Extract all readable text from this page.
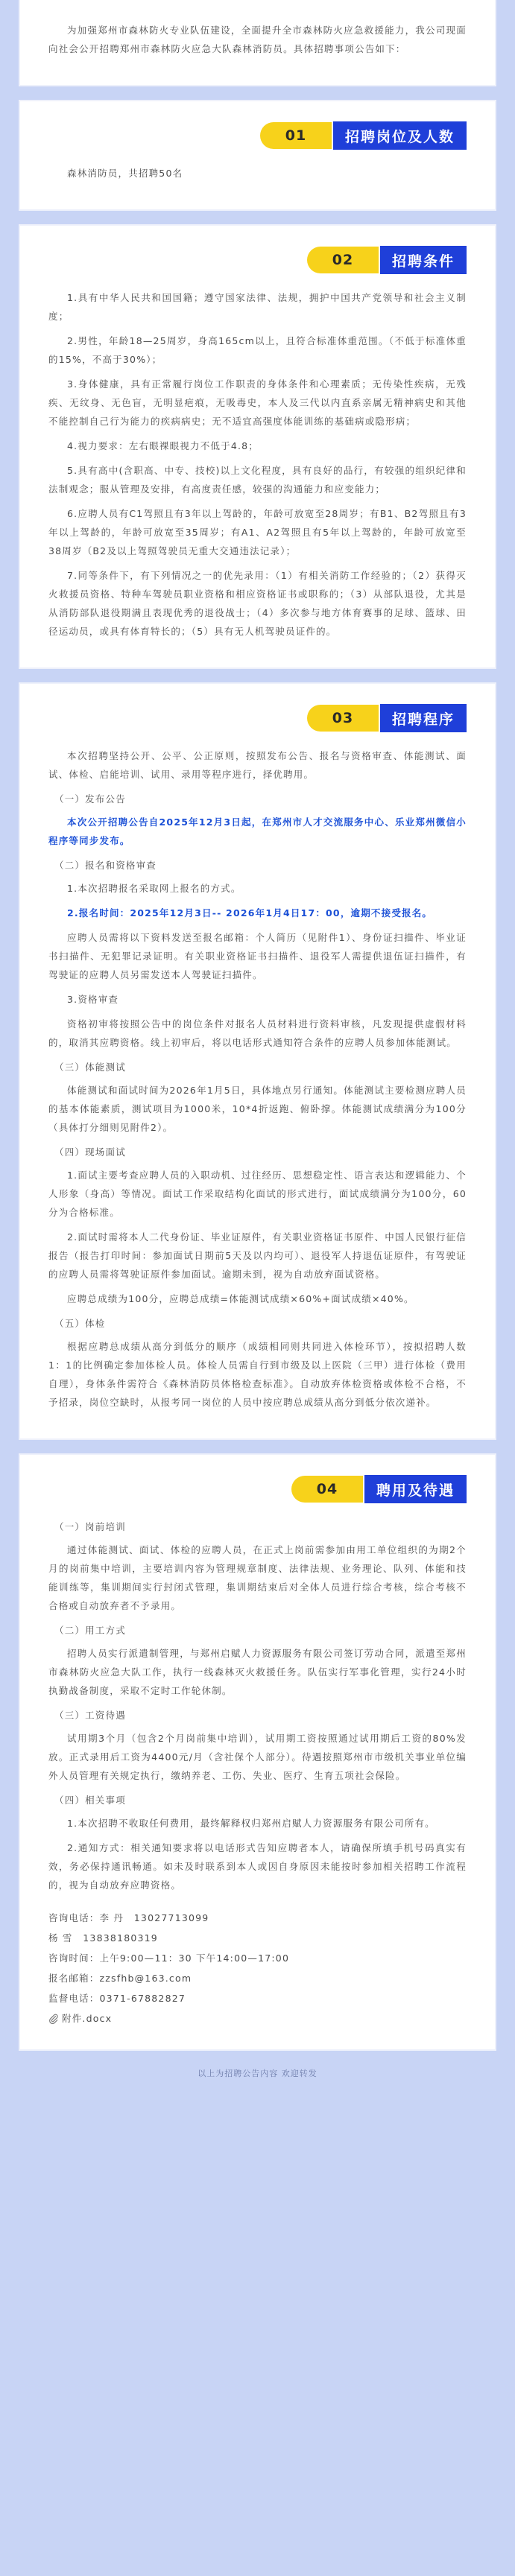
为加强郑州市森林防火专业队伍建设，全面提升全市森林防火应急救援能力，我公司现面向社会公开招聘郑州市森林防火应急大队森林消防员。具体招聘事项公告如下：

01	招聘岗位及人数

森林消防员，共招聘50名

02	招聘条件

1.具有中华人民共和国国籍；遵守国家法律、法规，拥护中国共产党领导和社会主义制度；

2.男性，年龄18—25周岁，身高165cm以上，且符合标准体重范围。（不低于标准体重的15%，不高于30%）；

3.身体健康，具有正常履行岗位工作职责的身体条件和心理素质；无传染性疾病，无残疾、无纹身、无色盲，无明显疤痕，无吸毒史，本人及三代以内直系亲属无精神病史和其他不能控制自己行为能力的疾病病史；无不适宜高强度体能训练的基础病或隐形病；

4.视力要求：左右眼裸眼视力不低于4.8；

5.具有高中(含职高、中专、技校)以上文化程度，具有良好的品行，有较强的组织纪律和法制观念；服从管理及安排，有高度责任感，较强的沟通能力和应变能力；

6.应聘人员有C1驾照且有3年以上驾龄的，年龄可放宽至28周岁；有B1、B2驾照且有3年以上驾龄的，年龄可放宽至35周岁；有A1、A2驾照且有5年以上驾龄的，年龄可放宽至38周岁（B2及以上驾照驾驶员无重大交通违法记录）；

7.同等条件下，有下列情况之一的优先录用：（1）有相关消防工作经验的；（2）获得灭火救援员资格、特种车驾驶员职业资格和相应资格证书或职称的；（3）从部队退役，尤其是从消防部队退役期满且表现优秀的退役战士；（4）多次参与地方体育赛事的足球、篮球、田径运动员，或具有体育特长的；（5）具有无人机驾驶员证件的。

03	招聘程序

本次招聘坚持公开、公平、公正原则，按照发布公告、报名与资格审查、体能测试、面试、体检、启能培训、试用、录用等程序进行，择优聘用。

（一）发布公告

本次公开招聘公告自2025年12月3日起，在郑州市人才交流服务中心、乐业郑州微信小程序等同步发布。

（二）报名和资格审查

1.本次招聘报名采取网上报名的方式。

2.报名时间：2025年12月3日-- 2026年1月4日17：00，逾期不接受报名。

应聘人员需将以下资料发送至报名邮箱：个人简历（见附件1）、身份证扫描件、毕业证书扫描件、无犯罪记录证明。有关职业资格证书扫描件、退役军人需提供退伍证扫描件，有驾驶证的应聘人员另需发送本人驾驶证扫描件。

3.资格审查

资格初审将按照公告中的岗位条件对报名人员材料进行资料审核，凡发现提供虚假材料的，取消其应聘资格。线上初审后，将以电话形式通知符合条件的应聘人员参加体能测试。

（三）体能测试

体能测试和面试时间为2026年1月5日，具体地点另行通知。体能测试主要检测应聘人员的基本体能素质，测试项目为1000米，10*4折返跑、俯卧撑。体能测试成绩满分为100分（具体打分细则见附件2）。

（四）现场面试

1.面试主要考查应聘人员的入职动机、过往经历、思想稳定性、语言表达和逻辑能力、个人形象（身高）等情况。面试工作采取结构化面试的形式进行，面试成绩满分为100分，60分为合格标准。

2.面试时需将本人二代身份证、毕业证原件，有关职业资格证书原件、中国人民银行征信报告（报告打印时间：参加面试日期前5天及以内均可）、退役军人持退伍证原件，有驾驶证的应聘人员需将驾驶证原件参加面试。逾期未到，视为自动放弃面试资格。

应聘总成绩为100分，应聘总成绩=体能测试成绩×60%+面试成绩×40%。

（五）体检

根据应聘总成绩从高分到低分的顺序（成绩相同则共同进入体检环节），按拟招聘人数1：1的比例确定参加体检人员。体检人员需自行到市级及以上医院（三甲）进行体检（费用自理），身体条件需符合《森林消防员体格检查标准》。自动放弃体检资格或体检不合格，不予招录，岗位空缺时，从报考同一岗位的人员中按应聘总成绩从高分到低分依次递补。

04	聘用及待遇

（一）岗前培训

通过体能测试、面试、体检的应聘人员，在正式上岗前需参加由用工单位组织的为期2个月的岗前集中培训，主要培训内容为管理规章制度、法律法规、业务理论、队列、体能和技能训练等，集训期间实行封闭式管理，集训期结束后对全体人员进行综合考核，综合考核不合格或自动放弃者不予录用。

（二）用工方式

招聘人员实行派遣制管理，与郑州启赋人力资源服务有限公司签订劳动合同，派遣至郑州市森林防火应急大队工作，执行一线森林灭火救援任务。队伍实行军事化管理，实行24小时执勤战备制度，采取不定时工作轮休制。

（三）工资待遇

试用期3个月（包含2个月岗前集中培训），试用期工资按照通过试用期后工资的80%发放。正式录用后工资为4400元/月（含社保个人部分）。待遇按照郑州市市级机关事业单位编外人员管理有关规定执行，缴纳养老、工伤、失业、医疗、生育五项社会保险。

（四）相关事项

1.本次招聘不收取任何费用，最终解释权归郑州启赋人力资源服务有限公司所有。

2.通知方式：相关通知要求将以电话形式告知应聘者本人，请确保所填手机号码真实有效，务必保持通讯畅通。如未及时联系到本人或因自身原因未能按时参加相关招聘工作流程的，视为自动放弃应聘资格。

咨询电话：李 丹　13027713099

杨 雪　13838180319

咨询时间：上午9:00—11：30 下午14:00—17:00

报名邮箱：zzsfhb@163.com

监督电话：0371-67882827

附件.docx

以上为招聘公告内容 欢迎转发
